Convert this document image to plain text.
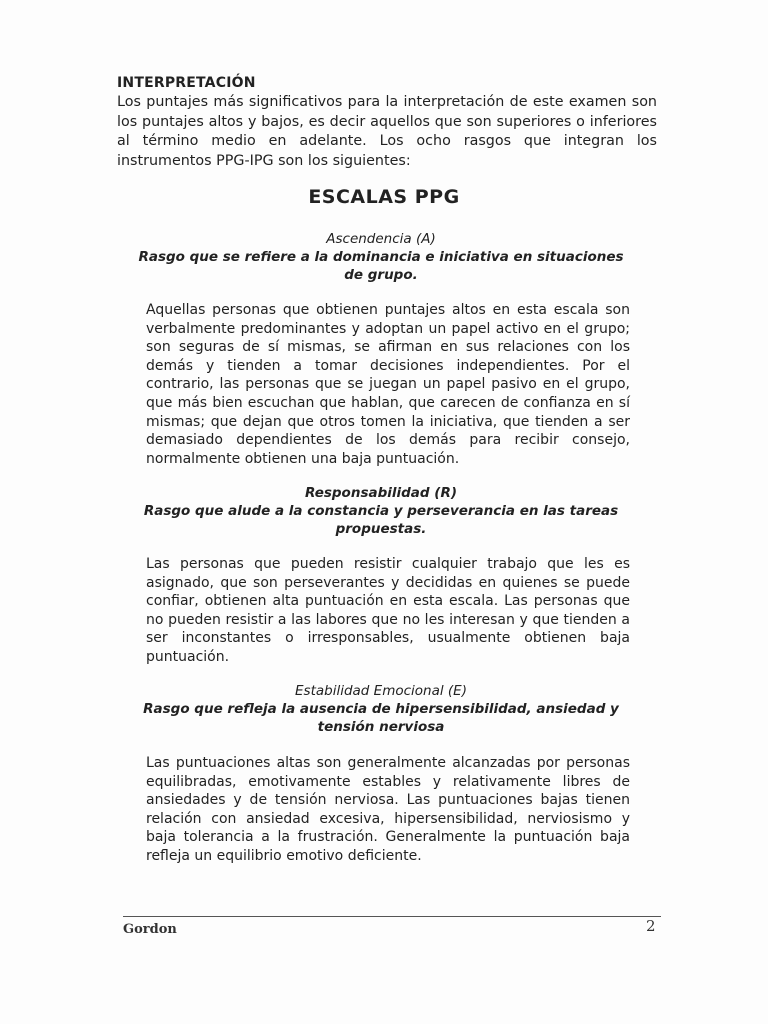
INTERPRETACIÓN

Los puntajes más significativos para la interpretación de este examen son los puntajes altos y bajos, es decir aquellos que son superiores o inferiores al término medio en adelante. Los ocho rasgos que integran los instrumentos PPG-IPG son los siguientes:

ESCALAS PPG

Ascendencia (A)

Rasgo que se refiere a la dominancia e iniciativa en situaciones de grupo.

Aquellas personas que obtienen puntajes altos en esta escala son verbalmente predominantes y adoptan un papel activo en el grupo; son seguras de sí mismas, se afirman en sus relaciones con los demás y tienden a tomar decisiones independientes. Por el contrario, las personas que se juegan un papel pasivo en el grupo, que más bien escuchan que hablan, que carecen de confianza en sí mismas; que dejan que otros tomen la iniciativa, que tienden a ser demasiado dependientes de los demás para recibir consejo, normalmente obtienen una baja puntuación.

Responsabilidad (R)

Rasgo que alude a la constancia y perseverancia en las tareas propuestas.

Las personas que pueden resistir cualquier trabajo que les es asignado, que son perseverantes y decididas en quienes se puede confiar, obtienen alta puntuación en esta escala. Las personas que no pueden resistir a las labores que no les interesan y que tienden a ser inconstantes o irresponsables, usualmente obtienen baja puntuación.

Estabilidad Emocional (E)

Rasgo que refleja la ausencia de hipersensibilidad, ansiedad y tensión nerviosa

Las puntuaciones altas son generalmente alcanzadas por personas equilibradas, emotivamente estables y relativamente libres de ansiedades y de tensión nerviosa. Las puntuaciones bajas tienen relación con ansiedad excesiva, hipersensibilidad, nerviosismo y baja tolerancia a la frustración. Generalmente la puntuación baja refleja un equilibrio emotivo deficiente.

Gordon	2
